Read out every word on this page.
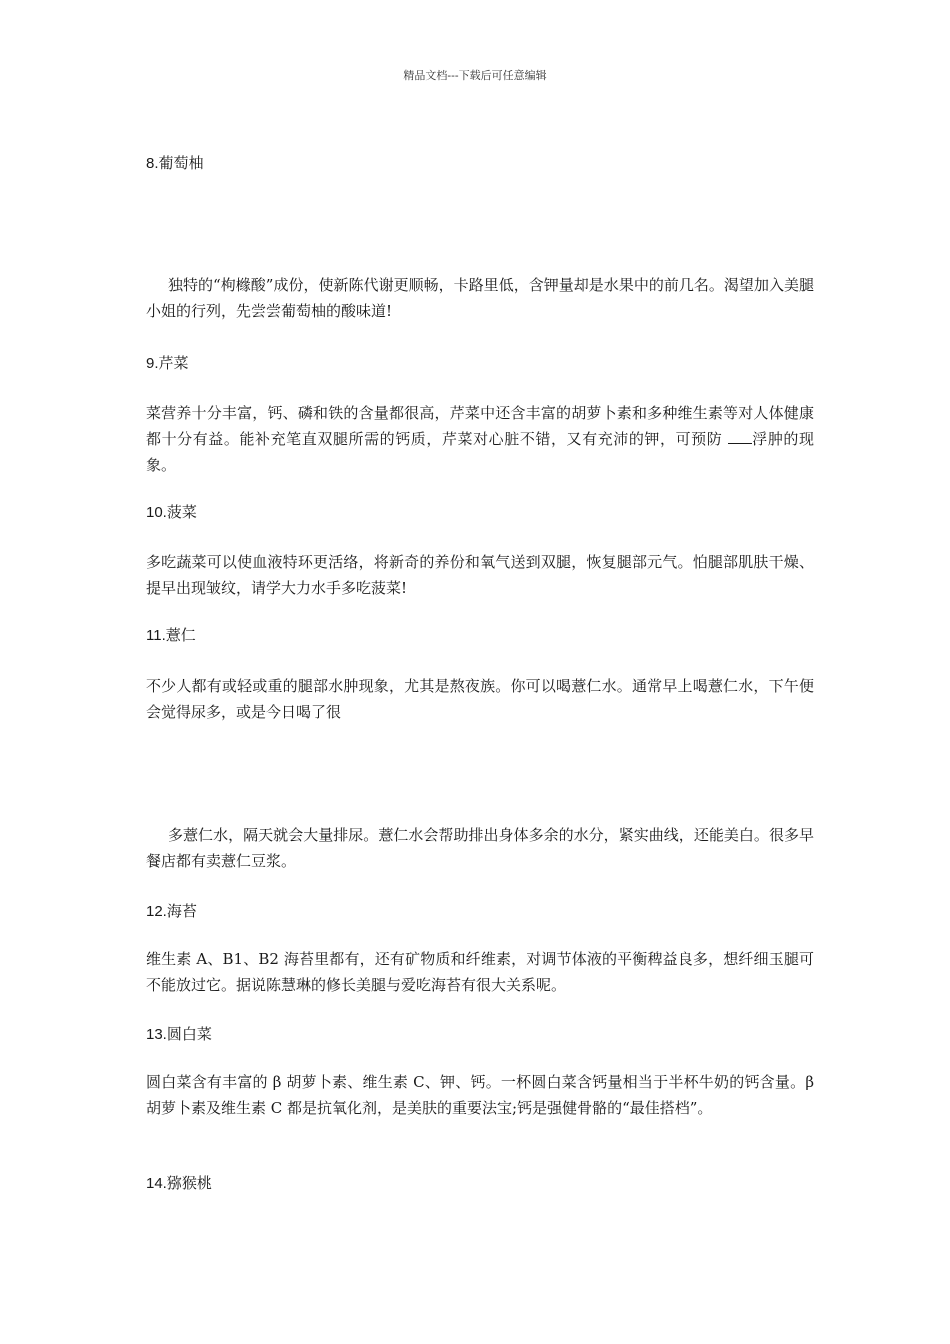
精品文档---下载后可任意编辑
8.葡萄柚
独特的“枸橼酸”成份，使新陈代谢更顺畅，卡路里低，含钾量却是水果中的前几名。渴望加入美腿小姐的行列，先尝尝葡萄柚的酸味道!
9.芹菜
菜营养十分丰富，钙、磷和铁的含量都很高，芹菜中还含丰富的胡萝卜素和多种维生素等对人体健康都十分有益。能补充笔直双腿所需的钙质，芹菜对心脏不错，又有充沛的钾，可预防 浮肿的现象。
10.菠菜
多吃蔬菜可以使血液特环更活络，将新奇的养份和氧气送到双腿，恢复腿部元气。怕腿部肌肤干燥、提早出现皱纹，请学大力水手多吃菠菜!
11.薏仁
不少人都有或轻或重的腿部水肿现象，尤其是熬夜族。你可以喝薏仁水。通常早上喝薏仁水，下午便会觉得尿多，或是今日喝了很
多薏仁水，隔天就会大量排尿。薏仁水会帮助排出身体多余的水分，紧实曲线，还能美白。很多早餐店都有卖薏仁豆浆。
12.海苔
维生素 A、B1、B2 海苔里都有，还有矿物质和纤维素，对调节体液的平衡稗益良多，想纤细玉腿可不能放过它。据说陈慧琳的修长美腿与爱吃海苔有很大关系呢。
13.圆白菜
圆白菜含有丰富的 β 胡萝卜素、维生素 C、钾、钙。一杯圆白菜含钙量相当于半杯牛奶的钙含量。β 胡萝卜素及维生素 C 都是抗氧化剂，是美肤的重要法宝;钙是强健骨骼的“最佳搭档”。
14.猕猴桃
